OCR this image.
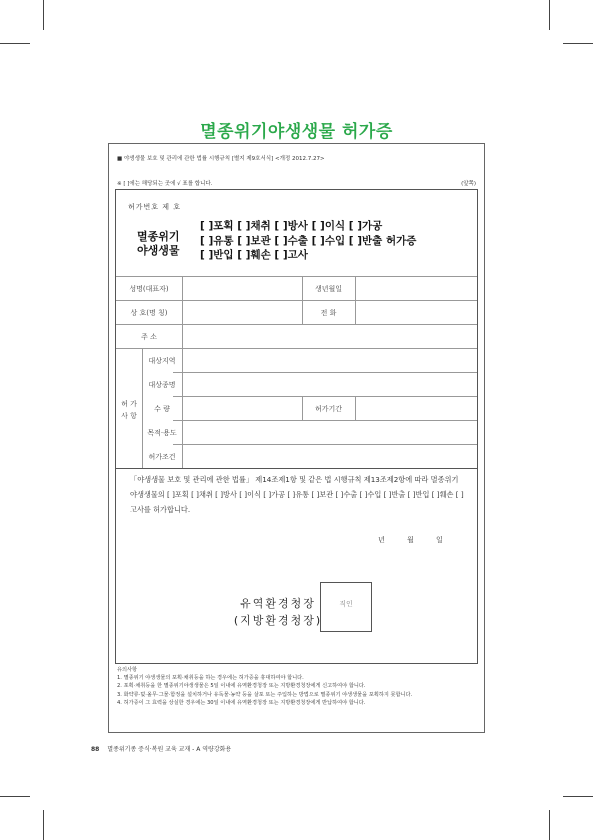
멸종위기야생생물 허가증
■ 야생생물 보호 및 관리에 관한 법률 시행규칙 [별지 제9호서식] <개정 2012.7.27>
※ [ ]에는 해당되는 곳에 √ 표를 합니다.	(앞쪽)
허가번호 제 호
멸종위기
야생생물
[ ]포획 [ ]채취 [ ]방사 [ ]이식 [ ]가공
[ ]유통 [ ]보관 [ ]수출 [ ]수입 [ ]반출 허가증
[ ]반입 [ ]훼손 [ ]고사
성명(대표자)	생년월일
상 호(명 칭)	전 화
주 소
허 가
사 항
대상지역
대상종명
수 량	허가기간
목적·용도
허가조건
「야생생물 보호 및 관리에 관한 법률」 제14조제1항 및 같은 법 시행규칙 제13조제2항에 따라 멸종위기 야생생물의 [ ]포획 [ ]채취 [ ]방사 [ ]이식 [ ]가공 [ ]유통 [ ]보관 [ ]수출 [ ]수입 [ ]반출 [ ]반입 [ ]훼손 [ ]고사를 허가합니다.
년	월	일
유역환경청장
(지방환경청장)
직인
유의사항
1. 멸종위기 야생생물의 포획·채취등을 하는 경우에는 허가증을 휴대하여야 합니다.
2. 포획·채취등을 한 멸종위기야생생물은 5일 이내에 유역환경청장 또는 지방환경청장에게 신고하여야 합니다.
3. 화약류·덫·올무·그물·함정을 설치하거나 유독물·농약 등을 살포 또는 주입하는 방법으로 멸종위기 야생생물을 포획하지 못합니다.
4. 허가증이 그 효력을 상실한 경우에는 30일 이내에 유역환경청장 또는 지방환경청장에게 반납하여야 합니다.
88 멸종위기종 증식·복원 교육 교재 - A 역량강화용
